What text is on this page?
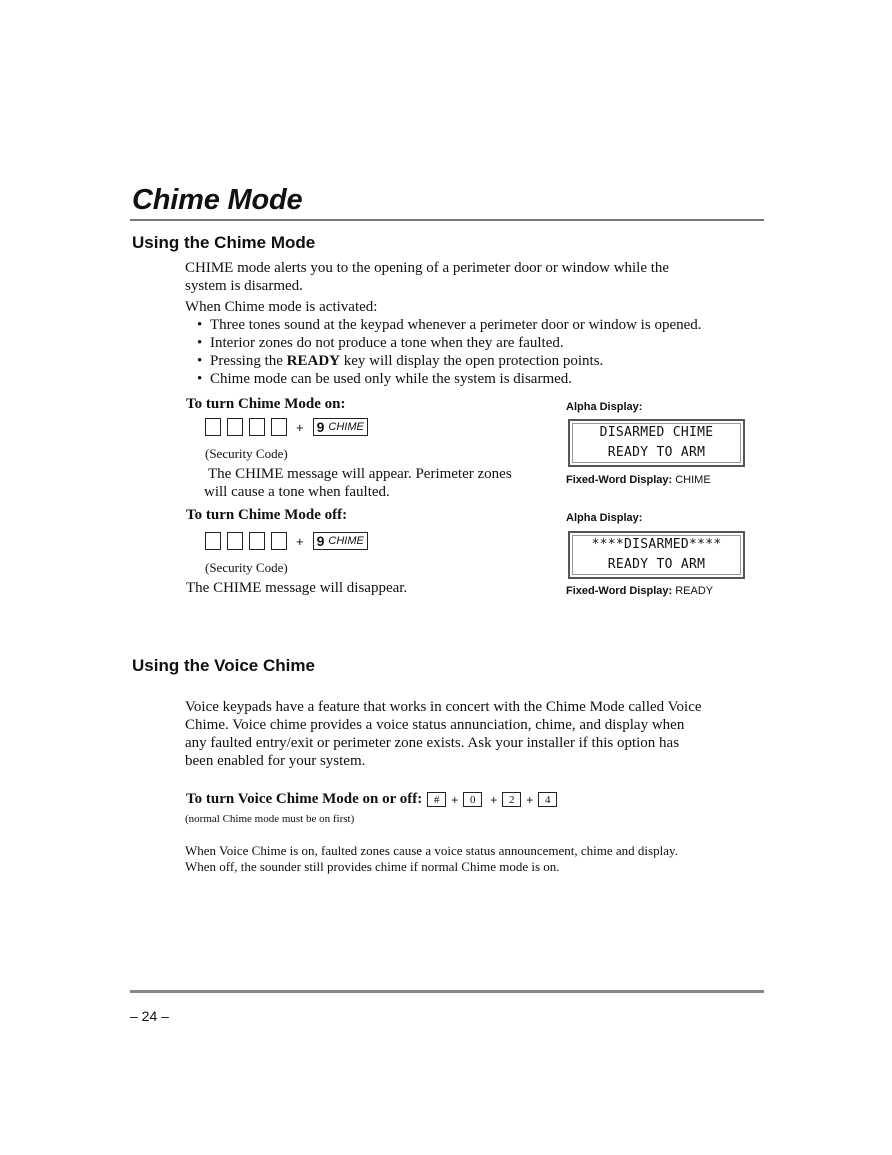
Chime Mode
Using the Chime Mode
CHIME mode alerts you to the opening of a perimeter door or window while the
system is disarmed.
When Chime mode is activated:
• Three tones sound at the keypad whenever a perimeter door or window is opened.
• Interior zones do not produce a tone when they are faulted.
• Pressing the READY key will display the open protection points.
• Chime mode can be used only while the system is disarmed.
To turn Chime Mode on:
+ 9 CHIME
(Security Code)
The CHIME message will appear. Perimeter zones
will cause a tone when faulted.
Alpha Display:
DISARMED CHIME
READY TO ARM
Fixed-Word Display: CHIME
To turn Chime Mode off:
+ 9 CHIME
(Security Code)
The CHIME message will disappear.
Alpha Display:
****DISARMED****
READY TO ARM
Fixed-Word Display: READY
Using the Voice Chime
Voice keypads have a feature that works in concert with the Chime Mode called Voice
Chime. Voice chime provides a voice status annunciation, chime, and display when
any faulted entry/exit or perimeter zone exists. Ask your installer if this option has
been enabled for your system.
To turn Voice Chime Mode on or off:	# +	0	+	2 +	4
(normal Chime mode must be on first)
When Voice Chime is on, faulted zones cause a voice status announcement, chime and display.
When off, the sounder still provides chime if normal Chime mode is on.
– 24 –
